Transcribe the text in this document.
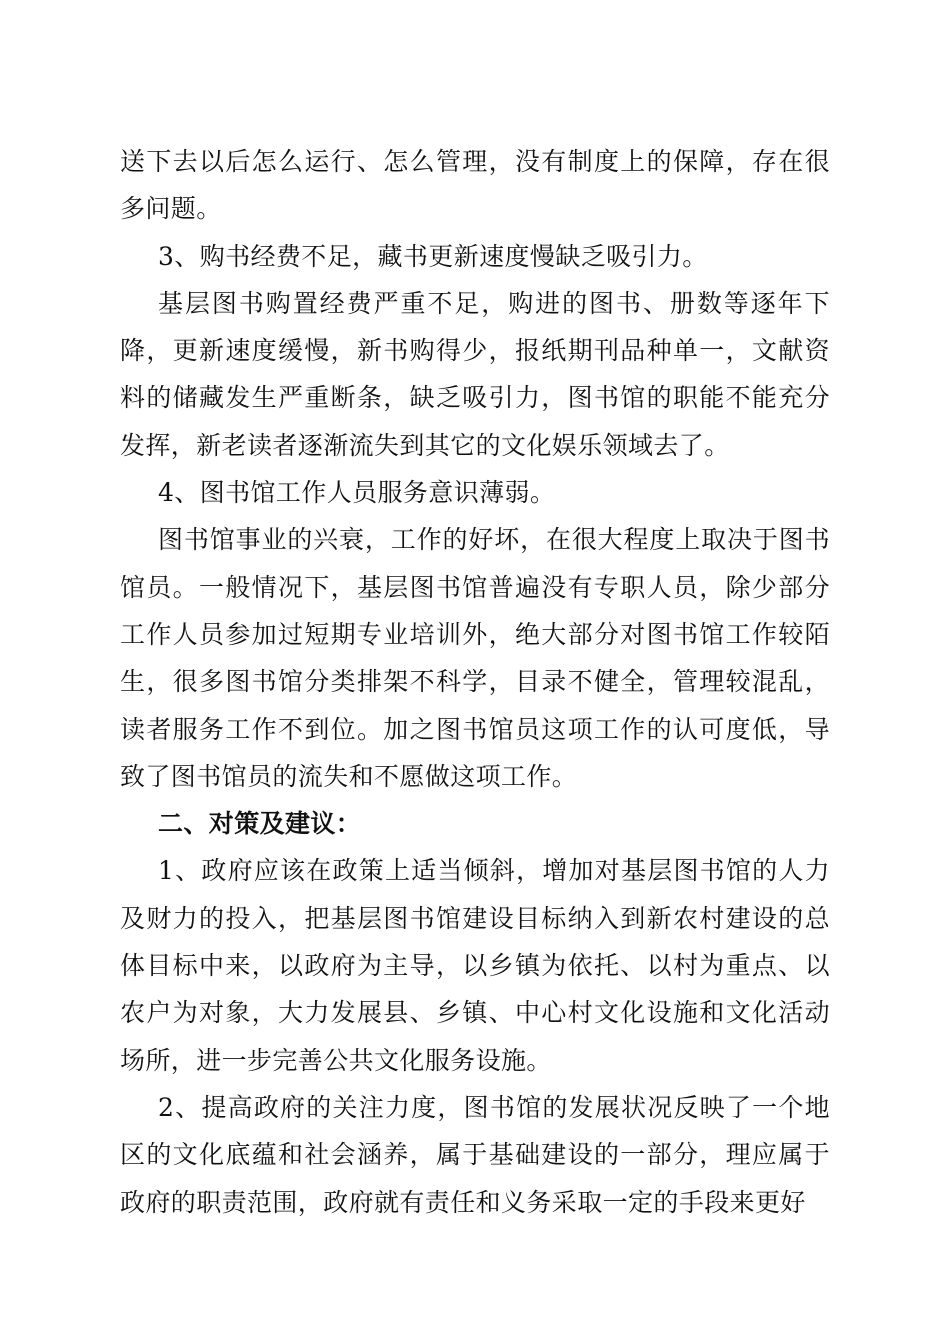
送下去以后怎么运行、怎么管理，没有制度上的保障，存在很多问题。

3、购书经费不足，藏书更新速度慢缺乏吸引力。

基层图书购置经费严重不足，购进的图书、册数等逐年下降，更新速度缓慢，新书购得少，报纸期刊品种单一，文献资料的储藏发生严重断条，缺乏吸引力，图书馆的职能不能充分发挥，新老读者逐渐流失到其它的文化娱乐领域去了。

4、图书馆工作人员服务意识薄弱。

图书馆事业的兴衰，工作的好坏，在很大程度上取决于图书馆员。一般情况下，基层图书馆普遍没有专职人员，除少部分工作人员参加过短期专业培训外，绝大部分对图书馆工作较陌生，很多图书馆分类排架不科学，目录不健全，管理较混乱，读者服务工作不到位。加之图书馆员这项工作的认可度低，导致了图书馆员的流失和不愿做这项工作。

二、对策及建议：

1、政府应该在政策上适当倾斜，增加对基层图书馆的人力及财力的投入，把基层图书馆建设目标纳入到新农村建设的总体目标中来，以政府为主导，以乡镇为依托、以村为重点、以农户为对象，大力发展县、乡镇、中心村文化设施和文化活动场所，进一步完善公共文化服务设施。

2、提高政府的关注力度，图书馆的发展状况反映了一个地区的文化底蕴和社会涵养，属于基础建设的一部分，理应属于政府的职责范围，政府就有责任和义务采取一定的手段来更好
